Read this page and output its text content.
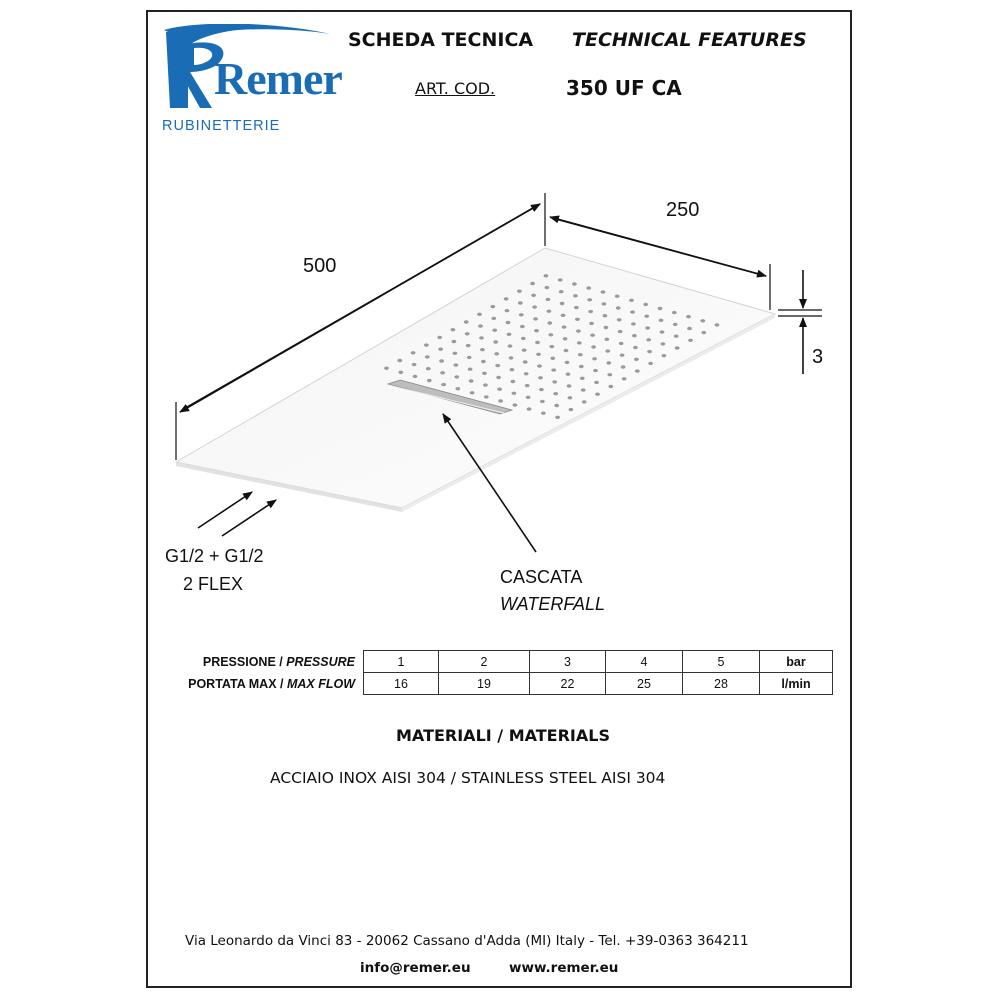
Remer
RUBINETTERIE
SCHEDA TECNICA TECHNICAL FEATURES
ART. COD.	350 UF CA
500
250
3
G1/2 + G1/2
2 FLEX	CASCATA
WATERFALL
PRESSIONE / PRESSURE	1	2	3	4	5	bar
PORTATA MAX / MAX FLOW	16	19	22	25	28	l/min
MATERIALI / MATERIALS
ACCIAIO INOX AISI 304 / STAINLESS STEEL AISI 304
Via Leonardo da Vinci 83 - 20062 Cassano d'Adda (MI) Italy - Tel. +39-0363 364211
info@remer.eu	www.remer.eu
